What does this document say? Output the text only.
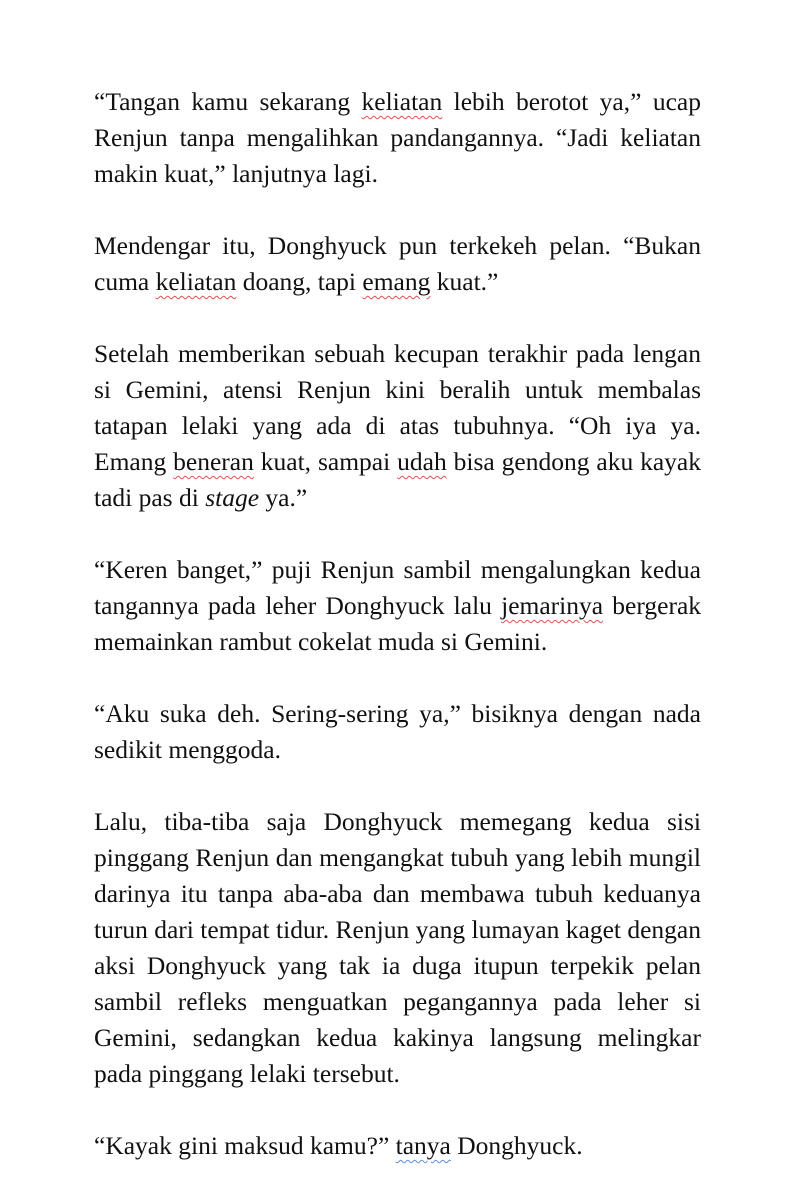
“Tangan kamu sekarang keliatan lebih berotot ya,” ucap Renjun tanpa mengalihkan pandangannya. “Jadi keliatan makin kuat,” lanjutnya lagi.

Mendengar itu, Donghyuck pun terkekeh pelan. “Bukan cuma keliatan doang, tapi emang kuat.”

Setelah memberikan sebuah kecupan terakhir pada lengan si Gemini, atensi Renjun kini beralih untuk membalas tatapan lelaki yang ada di atas tubuhnya. “Oh iya ya. Emang beneran kuat, sampai udah bisa gendong aku kayak tadi pas di stage ya.”

“Keren banget,” puji Renjun sambil mengalungkan kedua tangannya pada leher Donghyuck lalu jemarinya bergerak memainkan rambut cokelat muda si Gemini.

“Aku suka deh. Sering-sering ya,” bisiknya dengan nada sedikit menggoda.

Lalu, tiba-tiba saja Donghyuck memegang kedua sisi pinggang Renjun dan mengangkat tubuh yang lebih mungil darinya itu tanpa aba-aba dan membawa tubuh keduanya turun dari tempat tidur. Renjun yang lumayan kaget dengan aksi Donghyuck yang tak ia duga itupun terpekik pelan sambil refleks menguatkan pegangannya pada leher si Gemini, sedangkan kedua kakinya langsung melingkar pada pinggang lelaki tersebut.

“Kayak gini maksud kamu?” tanya Donghyuck.
